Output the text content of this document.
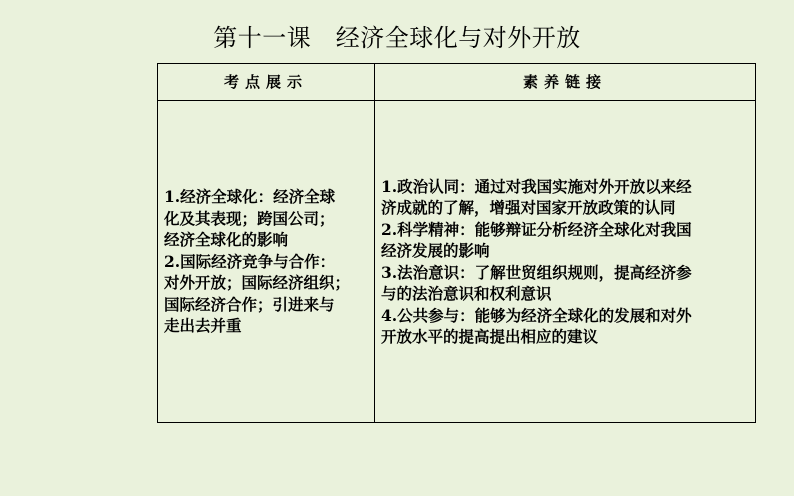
第十一课　经济全球化与对外开放
考点展示	素养链接
1.经济全球化：经济全球
化及其表现；跨国公司；
经济全球化的影响
2.国际经济竞争与合作：
对外开放；国际经济组织；
国际经济合作；引进来与
走出去并重
1.政治认同：通过对我国实施对外开放以来经
济成就的了解，增强对国家开放政策的认同
2.科学精神：能够辩证分析经济全球化对我国
经济发展的影响
3.法治意识：了解世贸组织规则，提高经济参
与的法治意识和权利意识
4.公共参与：能够为经济全球化的发展和对外
开放水平的提高提出相应的建议
